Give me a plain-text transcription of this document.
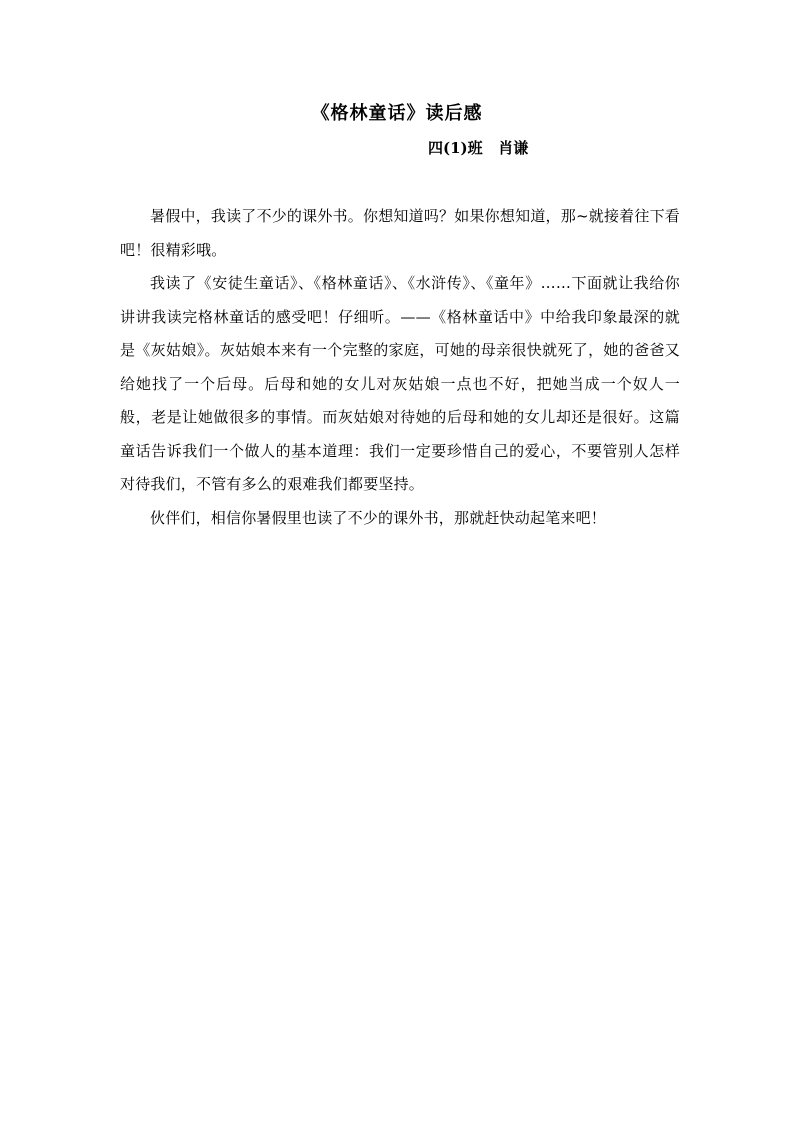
《格林童话》读后感

四(1)班   肖谦

暑假中，我读了不少的课外书。你想知道吗？如果你想知道，那~就接着往下看吧！很精彩哦。

我读了《安徒生童话》、《格林童话》、《水浒传》、《童年》……下面就让我给你讲讲我读完格林童话的感受吧！仔细听。——《格林童话中》中给我印象最深的就是《灰姑娘》。灰姑娘本来有一个完整的家庭，可她的母亲很快就死了，她的爸爸又给她找了一个后母。后母和她的女儿对灰姑娘一点也不好，把她当成一个奴人一般，老是让她做很多的事情。而灰姑娘对待她的后母和她的女儿却还是很好。这篇童话告诉我们一个做人的基本道理：我们一定要珍惜自己的爱心，不要管别人怎样对待我们，不管有多么的艰难我们都要坚持。

伙伴们，相信你暑假里也读了不少的课外书，那就赶快动起笔来吧！
